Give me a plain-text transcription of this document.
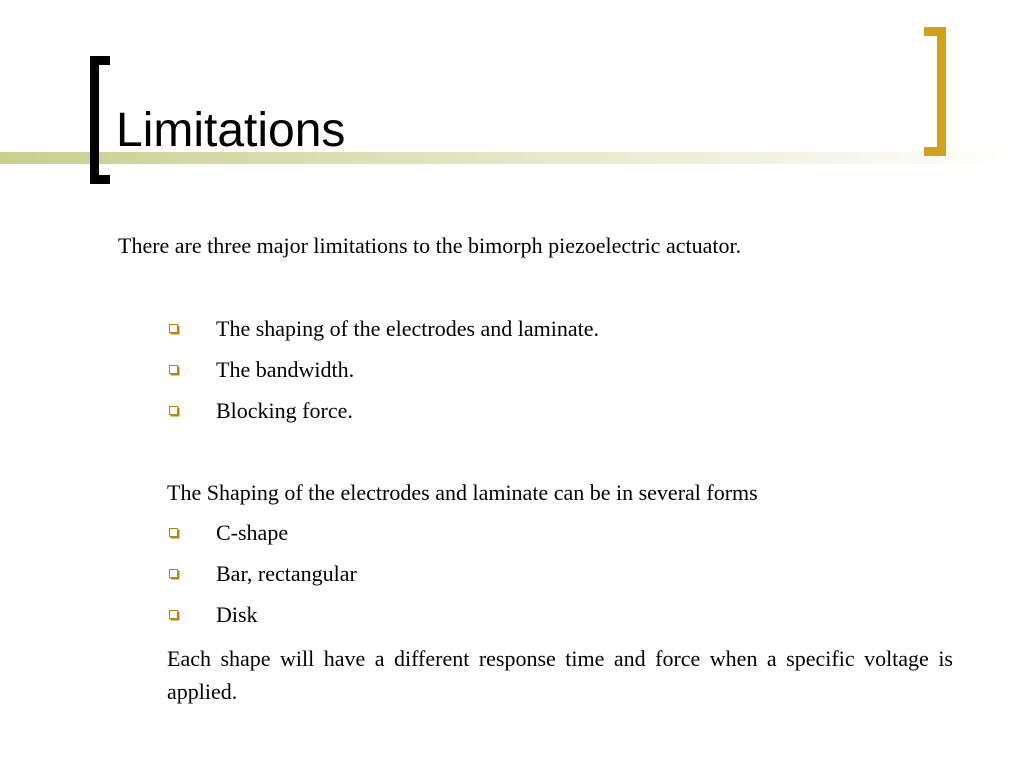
Limitations

There are three major limitations to the bimorph piezoelectric actuator.

The shaping of the electrodes and laminate.
The bandwidth.
Blocking force.

The Shaping of the electrodes and laminate can be in several forms

C-shape
Bar, rectangular
Disk

Each shape will have a different response time and force when a specific voltage is applied.
